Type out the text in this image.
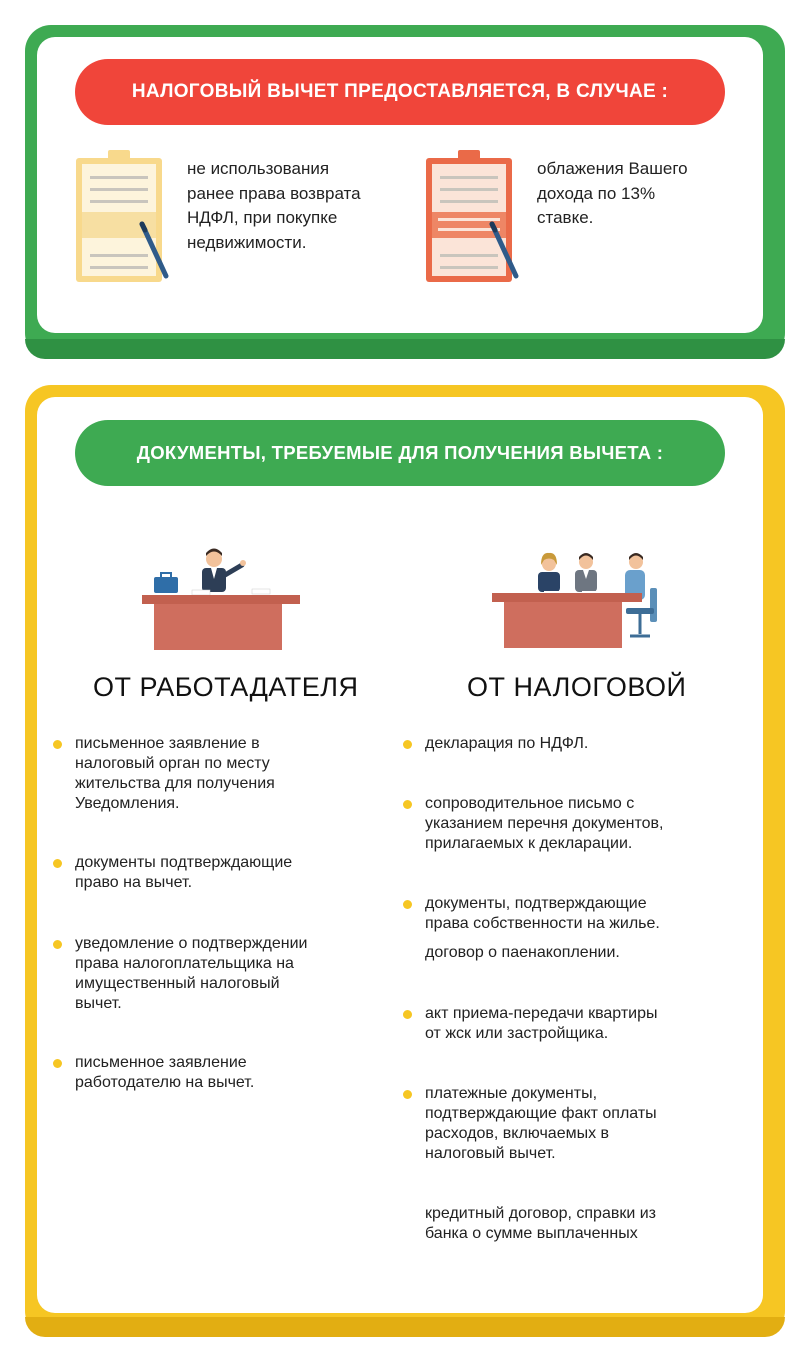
НАЛОГОВЫЙ ВЫЧЕТ ПРЕДОСТАВЛЯЕТСЯ, В СЛУЧАЕ :
не использования
ранее права возврата
НДФЛ, при покупке
недвижимости.
облажения Вашего
дохода по 13%
ставке.
ДОКУМЕНТЫ, ТРЕБУЕМЫЕ ДЛЯ ПОЛУЧЕНИЯ ВЫЧЕТА :
ОТ РАБОТАДАТЕЛЯ	ОТ НАЛОГОВОЙ
письменное заявление в
налоговый орган по месту
жительства для получения
Уведомления.
документы подтверждающие
право на вычет.
уведомление о подтверждении
права налогоплательщика на
имущественный налоговый
вычет.
письменное заявление
работодателю на вычет.
декларация по НДФЛ.
сопроводительное письмо с
указанием перечня документов,
прилагаемых к декларации.
документы, подтверждающие
права собственности на жилье.
договор о паенакоплении.
акт приема-передачи квартиры
от жск или застройщика.
платежные документы,
подтверждающие факт оплаты
расходов, включаемых в
налоговый вычет.
кредитный договор, справки из
банка о сумме выплаченных
